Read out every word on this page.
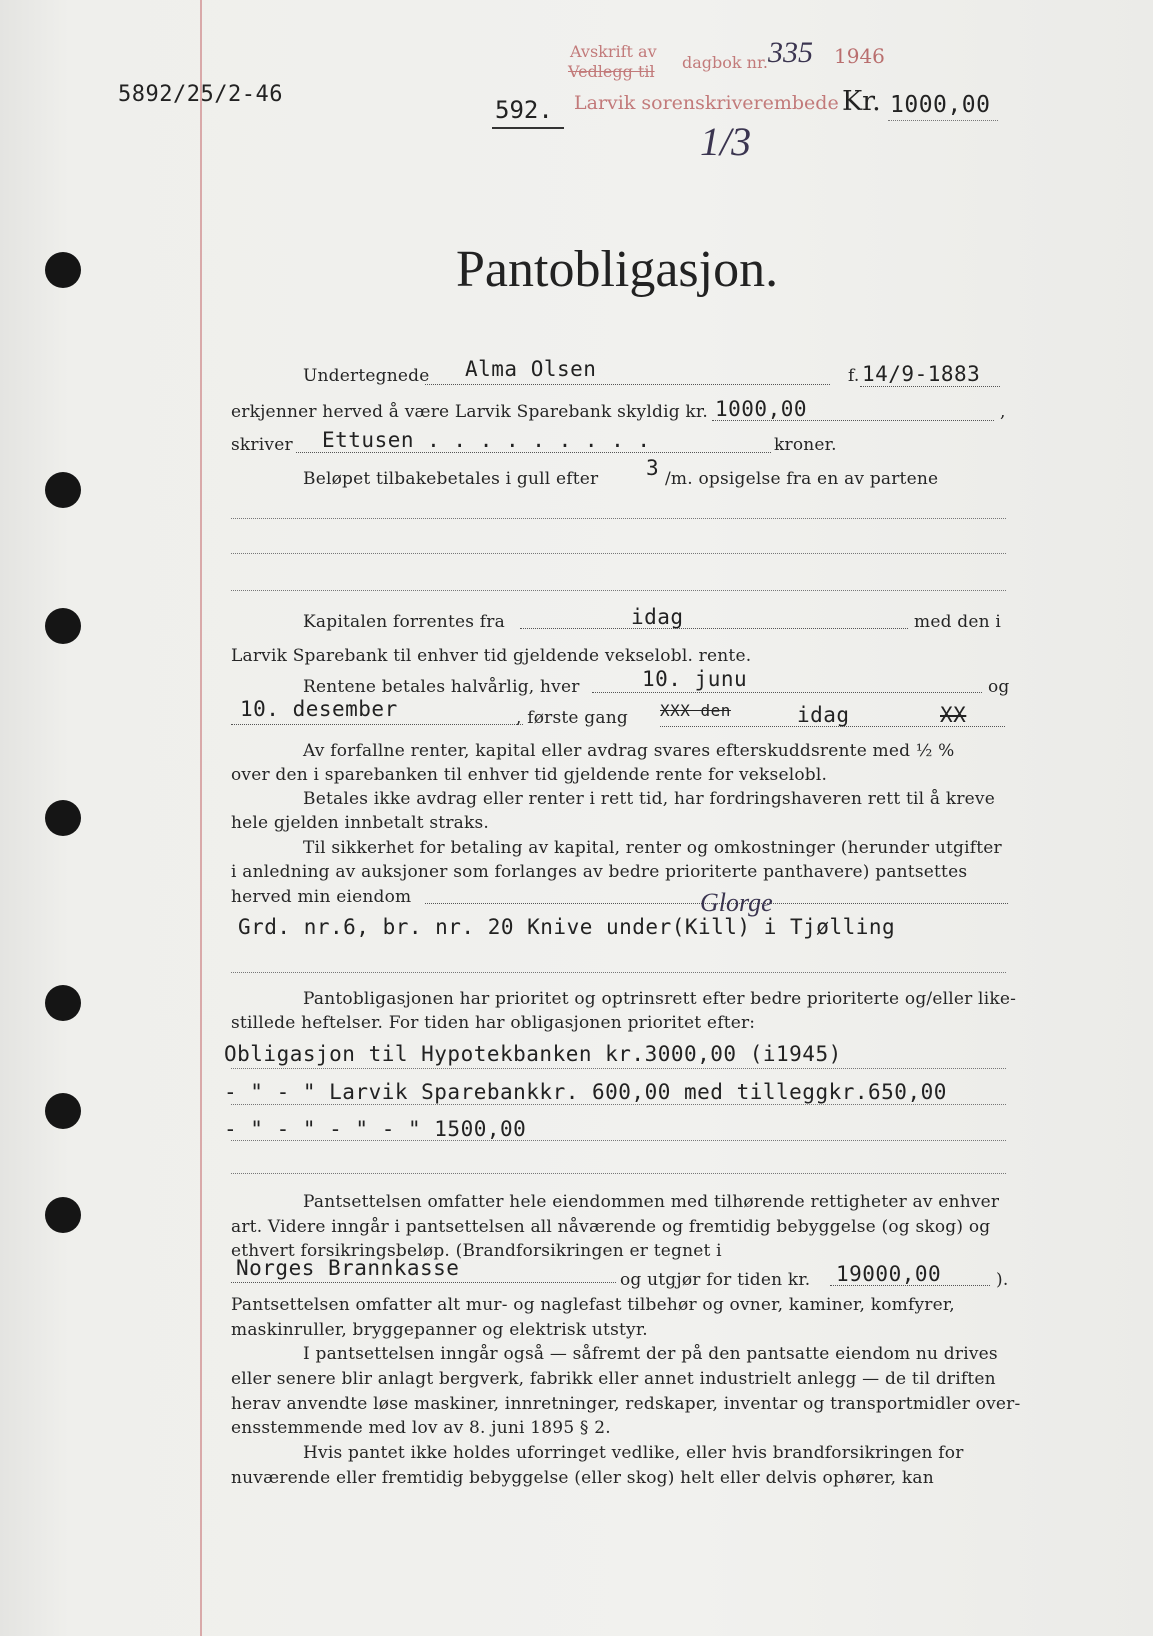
5892/25/2-46
Avskrift av
Vedlegg til dagbok nr. 335 1946
592. Larvik sorenskriverembede Kr. 1000,00
1/3
Pantobligasjon.
Undertegnede Alma Olsen	f. 14/9-1883
erkjenner herved å være Larvik Sparebank skyldig kr. 1000,00	,
skriver Ettusen . . . . . . . . .	kroner.
Beløpet tilbakebetales i gull efter 3 /m. opsigelse fra en av partene
Kapitalen forrentes fra	idag	med den i
Larvik Sparebank til enhver tid gjeldende vekselobl. rente.
Rentene betales halvårlig, hver	10. junu	og
10. desember	, første gang XXX den	idag	XX
Av forfallne renter, kapital eller avdrag svares efterskuddsrente med ½ %
over den i sparebanken til enhver tid gjeldende rente for vekselobl.
Betales ikke avdrag eller renter i rett tid, har fordringshaveren rett til å kreve
hele gjelden innbetalt straks.
Til sikkerhet for betaling av kapital, renter og omkostninger (herunder utgifter
i anledning av auksjoner som forlanges av bedre prioriterte panthavere) pantsettes
herved min eiendom	Glorge
Grd. nr.6, br. nr. 20 Knive under(Kill) i Tjølling
Pantobligasjonen har prioritet og optrinsrett efter bedre prioriterte og/eller like-
stillede heftelser. For tiden har obligasjonen prioritet efter:
Obligasjon til Hypotekbanken kr.3000,00 (i1945)
- " - " Larvik Sparebankkr. 600,00 med tilleggkr.650,00
- " - " - " - " 1500,00
Pantsettelsen omfatter hele eiendommen med tilhørende rettigheter av enhver
art. Videre inngår i pantsettelsen all nåværende og fremtidig bebyggelse (og skog) og
ethvert forsikringsbeløp. (Brandforsikringen er tegnet i
Norges Brannkasse	og utgjør for tiden kr. 19000,00	).
Pantsettelsen omfatter alt mur- og naglefast tilbehør og ovner, kaminer, komfyrer,
maskinruller, bryggepanner og elektrisk utstyr.
I pantsettelsen inngår også — såfremt der på den pantsatte eiendom nu drives
eller senere blir anlagt bergverk, fabrikk eller annet industrielt anlegg — de til driften
herav anvendte løse maskiner, innretninger, redskaper, inventar og transportmidler over-
ensstemmende med lov av 8. juni 1895 § 2.
Hvis pantet ikke holdes uforringet vedlike, eller hvis brandforsikringen for
nuværende eller fremtidig bebyggelse (eller skog) helt eller delvis ophører, kan
